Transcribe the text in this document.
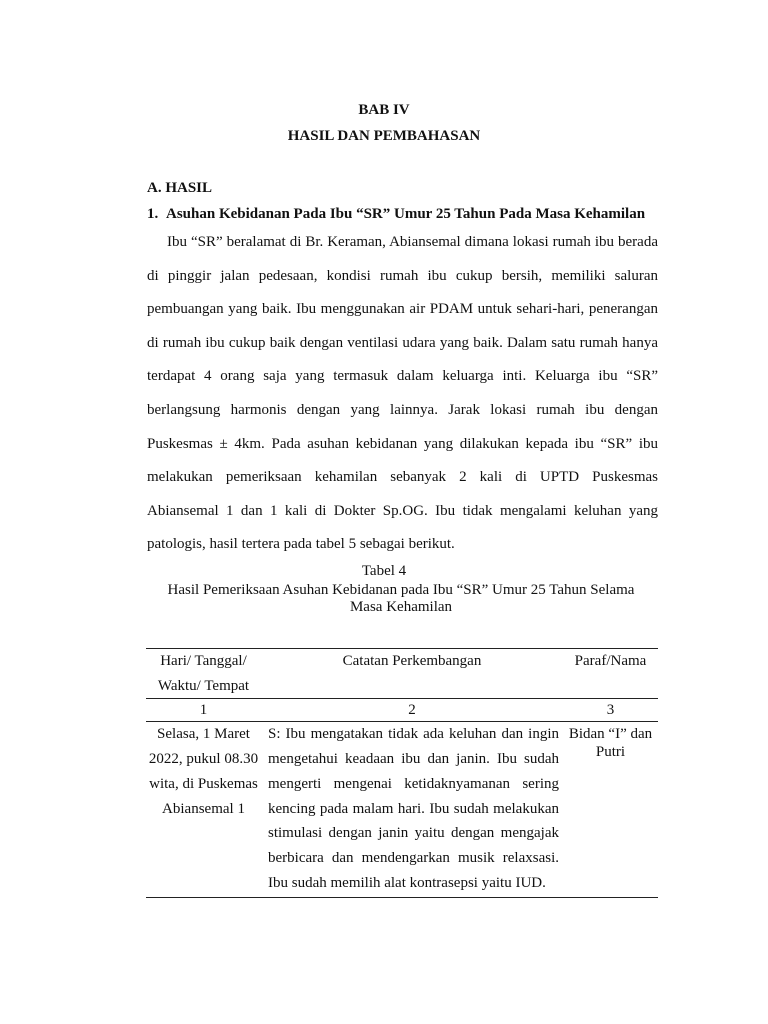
BAB IV
HASIL DAN PEMBAHASAN
A. HASIL
1. Asuhan Kebidanan Pada Ibu “SR” Umur 25 Tahun Pada Masa Kehamilan

Ibu “SR” beralamat di Br. Keraman, Abiansemal dimana lokasi rumah ibu berada di pinggir jalan pedesaan, kondisi rumah ibu cukup bersih, memiliki saluran pembuangan yang baik. Ibu menggunakan air PDAM untuk sehari-hari, penerangan di rumah ibu cukup baik dengan ventilasi udara yang baik. Dalam satu rumah hanya terdapat 4 orang saja yang termasuk dalam keluarga inti. Keluarga ibu “SR” berlangsung harmonis dengan yang lainnya. Jarak lokasi rumah ibu dengan Puskesmas ± 4km. Pada asuhan kebidanan yang dilakukan kepada ibu “SR” ibu melakukan pemeriksaan kehamilan sebanyak 2 kali di UPTD Puskesmas Abiansemal 1 dan 1 kali di Dokter Sp.OG. Ibu tidak mengalami keluhan yang patologis, hasil tertera pada tabel 5 sebagai berikut.

Tabel 4
Hasil Pemeriksaan Asuhan Kebidanan pada Ibu “SR” Umur 25 Tahun Selama Masa Kehamilan
Hari/ Tanggal/ Waktu/ Tempat	Catatan Perkembangan	Paraf/Nama
1	2	3
Selasa, 1 Maret 2022, pukul 08.30 wita, di Puskemas Abiansemal 1	S: Ibu mengatakan tidak ada keluhan dan ingin mengetahui keadaan ibu dan janin. Ibu sudah mengerti mengenai ketidaknyamanan sering kencing pada malam hari. Ibu sudah melakukan stimulasi dengan janin yaitu dengan mengajak berbicara dan mendengarkan musik relaxsasi. Ibu sudah memilih alat kontrasepsi yaitu IUD.	Bidan “I” dan Putri
